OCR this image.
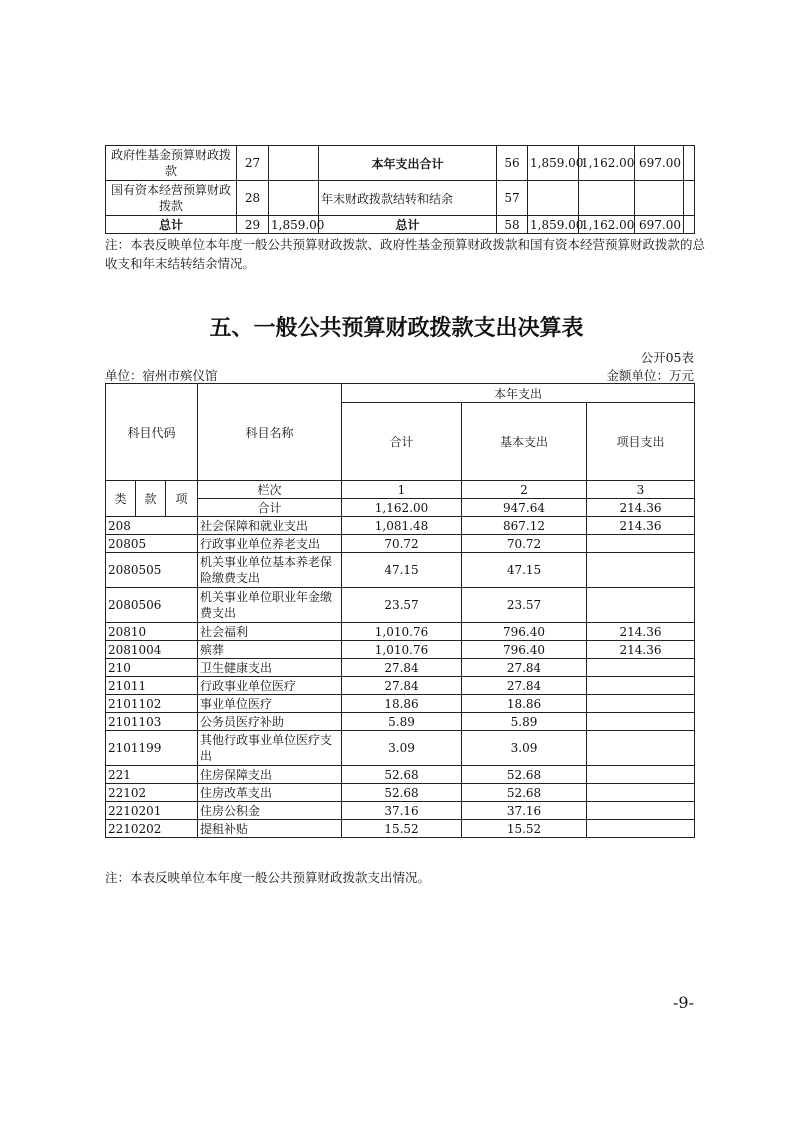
政府性基金预算财政拨款	27		本年支出合计	56	1,859.00	1,162.00	697.00	
国有资本经营预算财政拨款	28		年末财政拨款结转和结余	57				
总计	29	1,859.00	总计	58	1,859.00	1,162.00	697.00	
注：本表反映单位本年度一般公共预算财政拨款、政府性基金预算财政拨款和国有资本经营预算财政拨款的总收支和年末结转结余情况。
五、一般公共预算财政拨款支出决算表
公开05表
单位：宿州市殡仪馆	金额单位：万元
科目代码			科目名称	本年支出		
				合计	基本支出	项目支出
类	款	项	栏次	1	2	3
			合计	1,162.00	947.64	214.36
208			社会保障和就业支出	1,081.48	867.12	214.36
20805			行政事业单位养老支出	70.72	70.72	
2080505			机关事业单位基本养老保险缴费支出	47.15	47.15	
2080506			机关事业单位职业年金缴费支出	23.57	23.57	
20810			社会福利	1,010.76	796.40	214.36
2081004			殡葬	1,010.76	796.40	214.36
210			卫生健康支出	27.84	27.84	
21011			行政事业单位医疗	27.84	27.84	
2101102			事业单位医疗	18.86	18.86	
2101103			公务员医疗补助	5.89	5.89	
2101199			其他行政事业单位医疗支出	3.09	3.09	
221			住房保障支出	52.68	52.68	
22102			住房改革支出	52.68	52.68	
2210201			住房公积金	37.16	37.16	
2210202			提租补贴	15.52	15.52	
注：本表反映单位本年度一般公共预算财政拨款支出情况。
-9-
